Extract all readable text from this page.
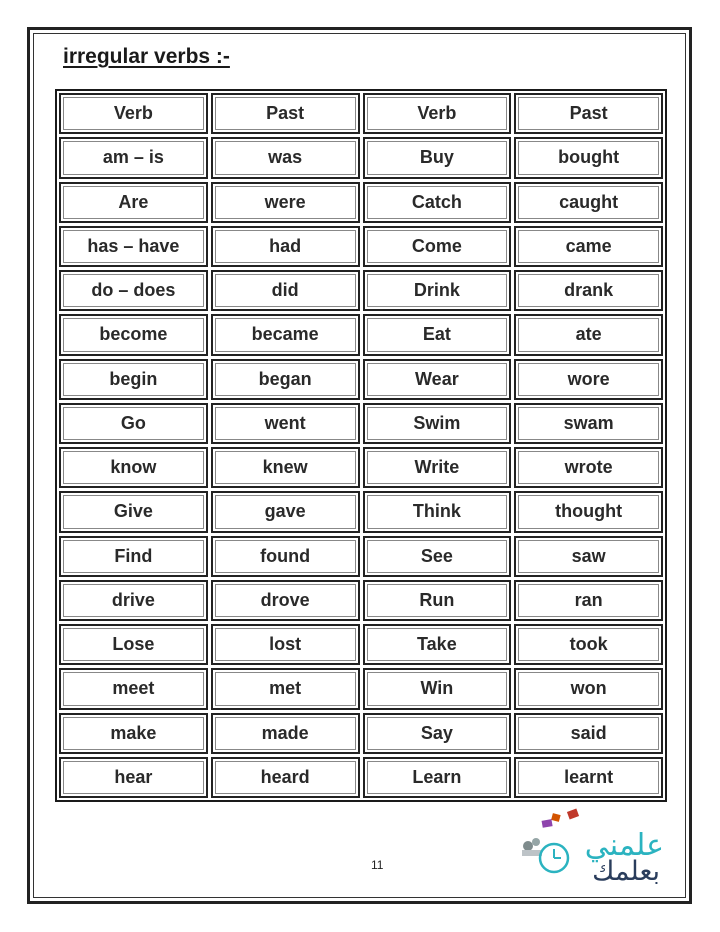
irregular verbs :-
Verb	Past	Verb	Past
am – is	was	Buy	bought
Are	were	Catch	caught
has – have	had	Come	came
do – does	did	Drink	drank
become	became	Eat	ate
begin	began	Wear	wore
Go	went	Swim	swam
know	knew	Write	wrote
Give	gave	Think	thought
Find	found	See	saw
drive	drove	Run	ran
Lose	lost	Take	took
meet	met	Win	won
make	made	Say	said
hear	heard	Learn	learnt
11
علمني
بعلمك
